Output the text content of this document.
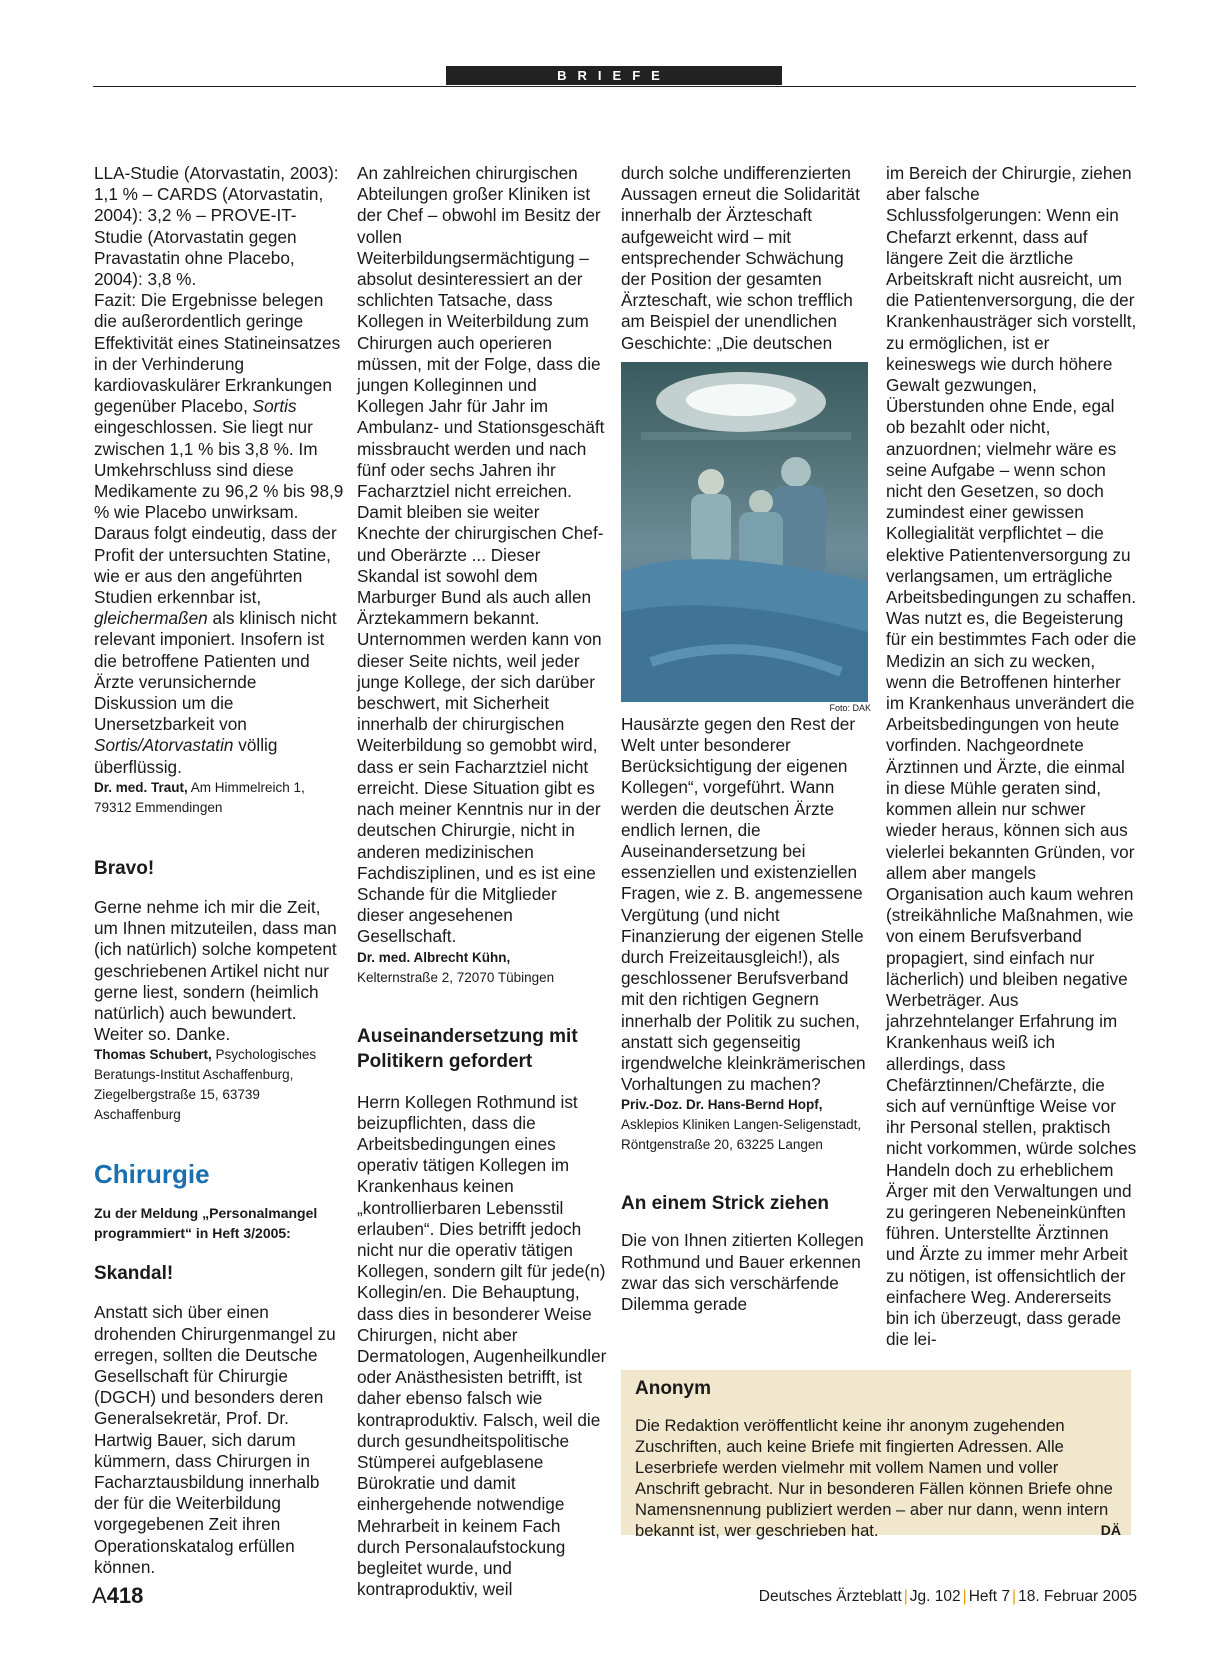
BRIEFE

LLA-Studie (Atorvastatin, 2003): 1,1 % – CARDS (Atorvastatin, 2004): 3,2 % – PROVE-IT-Studie (Atorvastatin gegen Pravastatin ohne Placebo, 2004): 3,8 %.

Fazit: Die Ergebnisse belegen die außerordentlich geringe Effektivität eines Statineinsatzes in der Verhinderung kardiovaskulärer Erkrankungen gegenüber Placebo, Sortis eingeschlossen. Sie liegt nur zwischen 1,1 % bis 3,8 %. Im Umkehrschluss sind diese Medikamente zu 96,2 % bis 98,9 % wie Placebo unwirksam. Daraus folgt eindeutig, dass der Profit der untersuchten Statine, wie er aus den angeführten Studien erkennbar ist, gleichermaßen als klinisch nicht relevant imponiert. Insofern ist die betroffene Patienten und Ärzte verunsichernde Diskussion um die Unersetzbarkeit von Sortis/Atorvastatin völlig überflüssig.

Dr. med. Traut, Am Himmelreich 1, 79312 Emmendingen

Bravo!

Gerne nehme ich mir die Zeit, um Ihnen mitzuteilen, dass man (ich natürlich) solche kompetent geschriebenen Artikel nicht nur gerne liest, sondern (heimlich natürlich) auch bewundert. Weiter so. Danke.

Thomas Schubert, Psychologisches Beratungs-Institut Aschaffenburg, Ziegelbergstraße 15, 63739 Aschaffenburg

Chirurgie

Zu der Meldung „Personalmangel programmiert“ in Heft 3/2005:

Skandal!

Anstatt sich über einen drohenden Chirurgenmangel zu erregen, sollten die Deutsche Gesellschaft für Chirurgie (DGCH) und besonders deren Generalsekretär, Prof. Dr. Hartwig Bauer, sich darum kümmern, dass Chirurgen in Facharztausbildung innerhalb der für die Weiterbildung vorgegebenen Zeit ihren Operationskatalog erfüllen können.

An zahlreichen chirurgischen Abteilungen großer Kliniken ist der Chef – obwohl im Besitz der vollen Weiterbildungsermächtigung – absolut desinteressiert an der schlichten Tatsache, dass Kollegen in Weiterbildung zum Chirurgen auch operieren müssen, mit der Folge, dass die jungen Kolleginnen und Kollegen Jahr für Jahr im Ambulanz- und Stationsgeschäft missbraucht werden und nach fünf oder sechs Jahren ihr Facharztziel nicht erreichen. Damit bleiben sie weiter Knechte der chirurgischen Chef- und Oberärzte ... Dieser Skandal ist sowohl dem Marburger Bund als auch allen Ärztekammern bekannt. Unternommen werden kann von dieser Seite nichts, weil jeder junge Kollege, der sich darüber beschwert, mit Sicherheit innerhalb der chirurgischen Weiterbildung so gemobbt wird, dass er sein Facharztziel nicht erreicht. Diese Situation gibt es nach meiner Kenntnis nur in der deutschen Chirurgie, nicht in anderen medizinischen Fachdisziplinen, und es ist eine Schande für die Mitglieder dieser angesehenen Gesellschaft.

Dr. med. Albrecht Kühn,
Kelternstraße 2, 72070 Tübingen

Auseinandersetzung mit Politikern gefordert

Herrn Kollegen Rothmund ist beizupflichten, dass die Arbeitsbedingungen eines operativ tätigen Kollegen im Krankenhaus keinen „kontrollierbaren Lebensstil erlauben“. Dies betrifft jedoch nicht nur die operativ tätigen Kollegen, sondern gilt für jede(n) Kollegin/en. Die Behauptung, dass dies in besonderer Weise Chirurgen, nicht aber Dermatologen, Augenheilkundler oder Anästhesisten betrifft, ist daher ebenso falsch wie kontraproduktiv. Falsch, weil die durch gesundheitspolitische Stümperei aufgeblasene Bürokratie und damit einhergehende notwendige Mehrarbeit in keinem Fach durch Personalaufstockung begleitet wurde, und kontraproduktiv, weil

durch solche undifferenzierten Aussagen erneut die Solidarität innerhalb der Ärzteschaft aufgeweicht wird – mit entsprechender Schwächung der Position der gesamten Ärzteschaft, wie schon trefflich am Beispiel der unendlichen Geschichte: „Die deutschen

Foto: DAK

Hausärzte gegen den Rest der Welt unter besonderer Berücksichtigung der eigenen Kollegen“, vorgeführt. Wann werden die deutschen Ärzte endlich lernen, die Auseinandersetzung bei essenziellen und existenziellen Fragen, wie z. B. angemessene Vergütung (und nicht Finanzierung der eigenen Stelle durch Freizeitausgleich!), als geschlossener Berufsverband mit den richtigen Gegnern innerhalb der Politik zu suchen, anstatt sich gegenseitig irgendwelche kleinkrämerischen Vorhaltungen zu machen?

Priv.-Doz. Dr. Hans-Bernd Hopf,
Asklepios Kliniken Langen-Seligenstadt, Röntgenstraße 20, 63225 Langen

An einem Strick ziehen

Die von Ihnen zitierten Kollegen Rothmund und Bauer erkennen zwar das sich verschärfende Dilemma gerade

im Bereich der Chirurgie, ziehen aber falsche Schlussfolgerungen: Wenn ein Chefarzt erkennt, dass auf längere Zeit die ärztliche Arbeitskraft nicht ausreicht, um die Patientenversorgung, die der Krankenhausträger sich vorstellt, zu ermöglichen, ist er keineswegs wie durch höhere Gewalt gezwungen, Überstunden ohne Ende, egal ob bezahlt oder nicht, anzuordnen; vielmehr wäre es seine Aufgabe – wenn schon nicht den Gesetzen, so doch zumindest einer gewissen Kollegialität verpflichtet – die elektive Patientenversorgung zu verlangsamen, um erträgliche Arbeitsbedingungen zu schaffen. Was nutzt es, die Begeisterung für ein bestimmtes Fach oder die Medizin an sich zu wecken, wenn die Betroffenen hinterher im Krankenhaus unverändert die Arbeitsbedingungen von heute vorfinden. Nachgeordnete Ärztinnen und Ärzte, die einmal in diese Mühle geraten sind, kommen allein nur schwer wieder heraus, können sich aus vielerlei bekannten Gründen, vor allem aber mangels Organisation auch kaum wehren (streikähnliche Maßnahmen, wie von einem Berufsverband propagiert, sind einfach nur lächerlich) und bleiben negative Werbeträger. Aus jahrzehntelanger Erfahrung im Krankenhaus weiß ich allerdings, dass Chefärztinnen/Chefärzte, die sich auf vernünftige Weise vor ihr Personal stellen, praktisch nicht vorkommen, würde solches Handeln doch zu erheblichem Ärger mit den Verwaltungen und zu geringeren Nebeneinkünften führen. Unterstellte Ärztinnen und Ärzte zu immer mehr Arbeit zu nötigen, ist offensichtlich der einfachere Weg. Andererseits bin ich überzeugt, dass gerade die lei-

Anonym

Die Redaktion veröffentlicht keine ihr anonym zugehenden Zuschriften, auch keine Briefe mit fingierten Adressen. Alle Leserbriefe werden vielmehr mit vollem Namen und voller Anschrift gebracht. Nur in besonderen Fällen können Briefe ohne Namensnennung publiziert werden – aber nur dann, wenn intern bekannt ist, wer geschrieben hat.	DÄ

A418	Deutsches Ärzteblatt | Jg. 102 | Heft 7 | 18. Februar 2005
